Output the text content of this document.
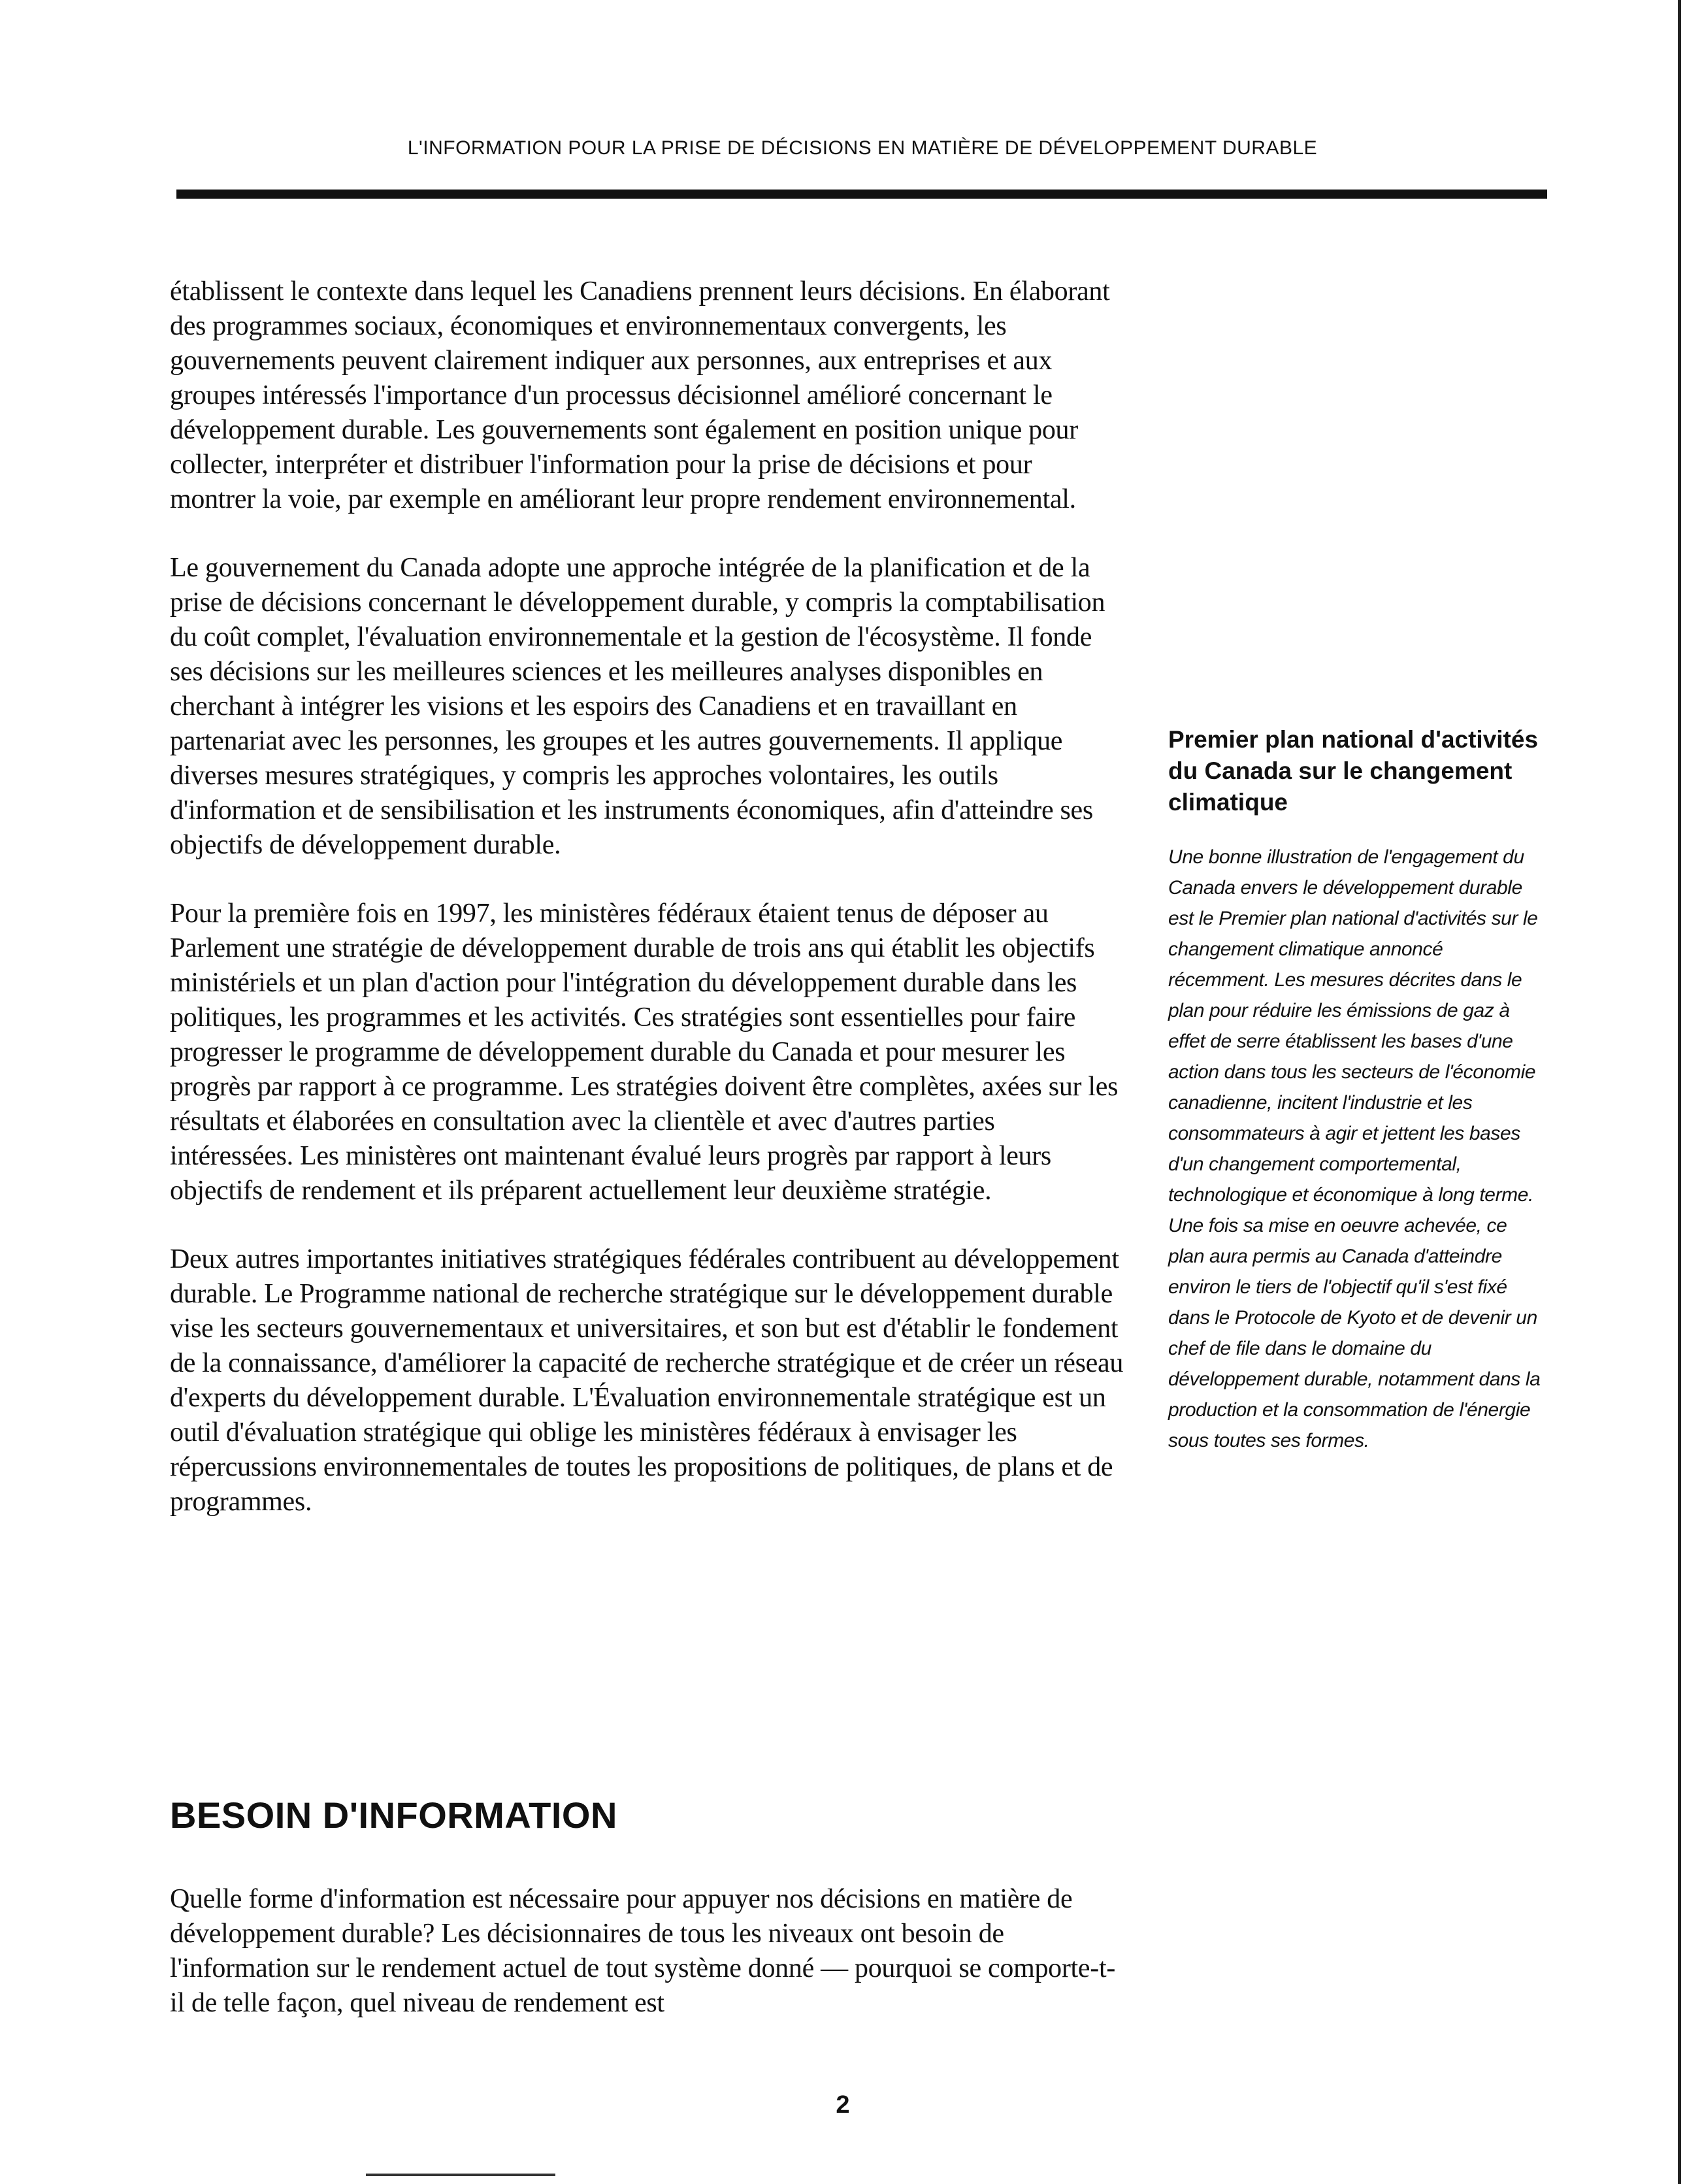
L'INFORMATION POUR LA PRISE DE DÉCISIONS EN MATIÈRE DE DÉVELOPPEMENT DURABLE

établissent le contexte dans lequel les Canadiens prennent leurs décisions. En élaborant des programmes sociaux, économiques et environnementaux convergents, les gouvernements peuvent clairement indiquer aux personnes, aux entreprises et aux groupes intéressés l'importance d'un processus décisionnel amélioré concernant le développement durable. Les gouvernements sont également en position unique pour collecter, interpréter et distribuer l'information pour la prise de décisions et pour montrer la voie, par exemple en améliorant leur propre rendement environnemental.

Le gouvernement du Canada adopte une approche intégrée de la planification et de la prise de décisions concernant le développement durable, y compris la comptabilisation du coût complet, l'évaluation environnementale et la gestion de l'écosystème. Il fonde ses décisions sur les meilleures sciences et les meilleures analyses disponibles en cherchant à intégrer les visions et les espoirs des Canadiens et en travaillant en partenariat avec les personnes, les groupes et les autres gouvernements. Il applique diverses mesures stratégiques, y compris les approches volontaires, les outils d'information et de sensibilisation et les instruments économiques, afin d'atteindre ses objectifs de développement durable.

Pour la première fois en 1997, les ministères fédéraux étaient tenus de déposer au Parlement une stratégie de développement durable de trois ans qui établit les objectifs ministériels et un plan d'action pour l'intégration du développement durable dans les politiques, les programmes et les activités. Ces stratégies sont essentielles pour faire progresser le programme de développement durable du Canada et pour mesurer les progrès par rapport à ce programme. Les stratégies doivent être complètes, axées sur les résultats et élaborées en consultation avec la clientèle et avec d'autres parties intéressées. Les ministères ont maintenant évalué leurs progrès par rapport à leurs objectifs de rendement et ils préparent actuellement leur deuxième stratégie.

Deux autres importantes initiatives stratégiques fédérales contribuent au développement durable. Le Programme national de recherche stratégique sur le développement durable vise les secteurs gouvernementaux et universitaires, et son but est d'établir le fondement de la connaissance, d'améliorer la capacité de recherche stratégique et de créer un réseau d'experts du développement durable. L'Évaluation environnementale stratégique est un outil d'évaluation stratégique qui oblige les ministères fédéraux à envisager les répercussions environnementales de toutes les propositions de politiques, de plans et de programmes.

Premier plan national d'activités du Canada sur le changement climatique

Une bonne illustration de l'engagement du Canada envers le développement durable est le Premier plan national d'activités sur le changement climatique annoncé récemment. Les mesures décrites dans le plan pour réduire les émissions de gaz à effet de serre établissent les bases d'une action dans tous les secteurs de l'économie canadienne, incitent l'industrie et les consommateurs à agir et jettent les bases d'un changement comportemental, technologique et économique à long terme. Une fois sa mise en oeuvre achevée, ce plan aura permis au Canada d'atteindre environ le tiers de l'objectif qu'il s'est fixé dans le Protocole de Kyoto et de devenir un chef de file dans le domaine du développement durable, notamment dans la production et la consommation de l'énergie sous toutes ses formes.

BESOIN D'INFORMATION

Quelle forme d'information est nécessaire pour appuyer nos décisions en matière de développement durable? Les décisionnaires de tous les niveaux ont besoin de l'information sur le rendement actuel de tout système donné — pourquoi se comporte-t-il de telle façon, quel niveau de rendement est

2
